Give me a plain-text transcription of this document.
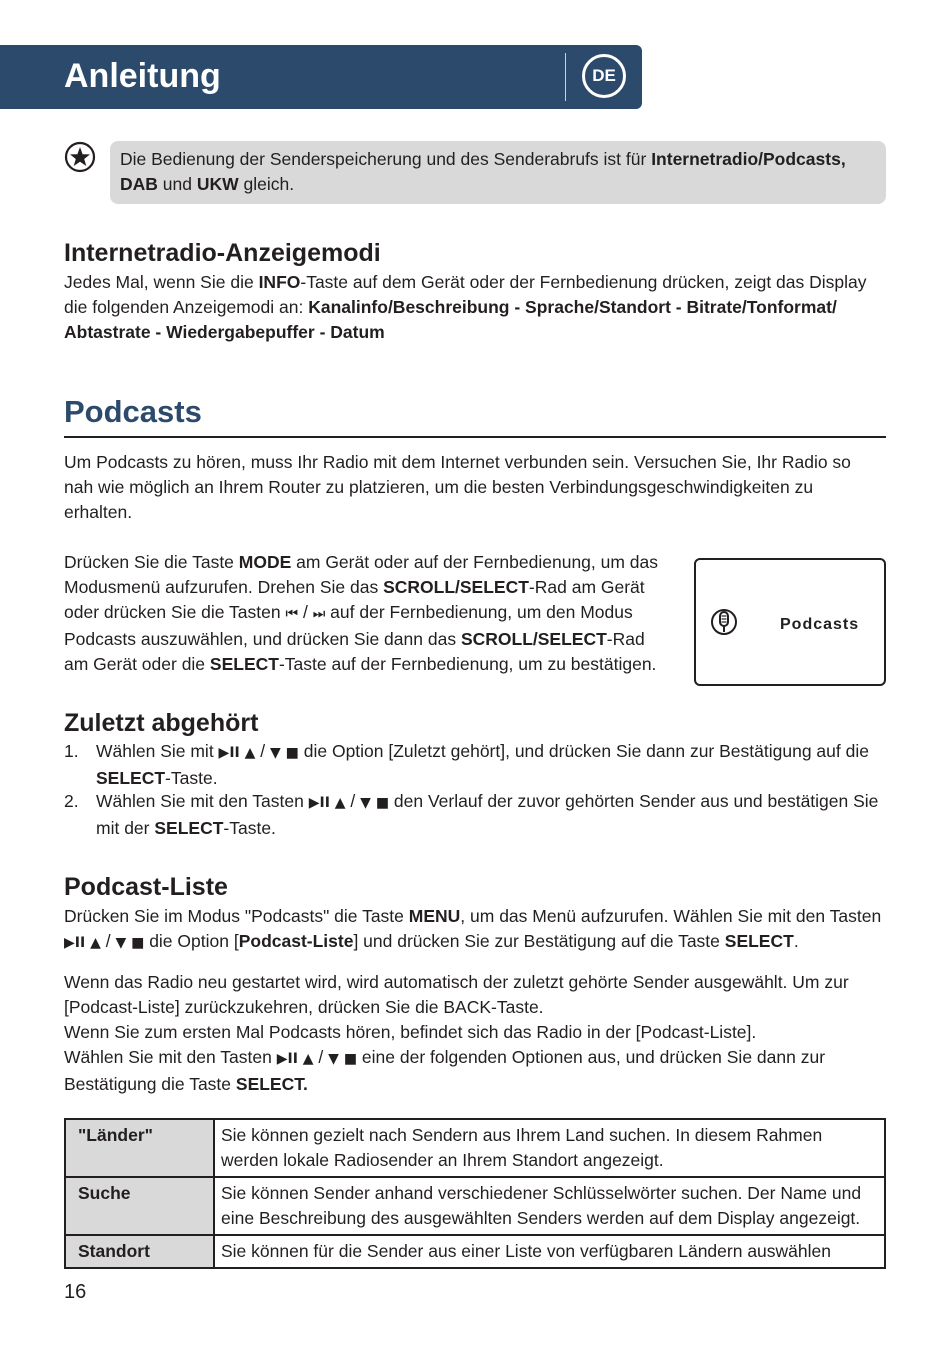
Anleitung	DE
Die Bedienung der Senderspeicherung und des Senderabrufs ist für Internetradio/Podcasts,
DAB und UKW gleich.
Internetradio-Anzeigemodi
Jedes Mal, wenn Sie die INFO-Taste auf dem Gerät oder der Fernbedienung drücken, zeigt das Display
die folgenden Anzeigemodi an: Kanalinfo/Beschreibung - Sprache/Standort - Bitrate/Tonformat/
Abtastrate - Wiedergabepuffer - Datum
Podcasts
Um Podcasts zu hören, muss Ihr Radio mit dem Internet verbunden sein. Versuchen Sie, Ihr Radio so nah wie möglich an Ihrem Router zu platzieren, um die besten Verbindungsgeschwindigkeiten zu erhalten.
Drücken Sie die Taste MODE am Gerät oder auf der Fernbedienung, um das Modusmenü aufzurufen. Drehen Sie das SCROLL/SELECT-Rad am Gerät oder drücken Sie die Tasten ⏮ / ⏭ auf der Fernbedienung, um den Modus Podcasts auszuwählen, und drücken Sie dann das SCROLL/SELECT-Rad am Gerät oder die SELECT-Taste auf der Fernbedienung, um zu bestätigen.
Podcasts
Zuletzt abgehört
1. Wählen Sie mit ▶II ▲ / ▼ ■ die Option [Zuletzt gehört], und drücken Sie dann zur Bestätigung auf die SELECT-Taste.
2. Wählen Sie mit den Tasten ▶II ▲ / ▼ ■ den Verlauf der zuvor gehörten Sender aus und bestätigen Sie mit der SELECT-Taste.
Podcast-Liste
Drücken Sie im Modus "Podcasts" die Taste MENU, um das Menü aufzurufen. Wählen Sie mit den Tasten ▶II ▲ / ▼ ■ die Option [Podcast-Liste] und drücken Sie zur Bestätigung auf die Taste SELECT.
Wenn das Radio neu gestartet wird, wird automatisch der zuletzt gehörte Sender ausgewählt. Um zur [Podcast-Liste] zurückzukehren, drücken Sie die BACK-Taste.
Wenn Sie zum ersten Mal Podcasts hören, befindet sich das Radio in der [Podcast-Liste].
Wählen Sie mit den Tasten ▶II ▲ / ▼ ■ eine der folgenden Optionen aus, und drücken Sie dann zur Bestätigung die Taste SELECT.
"Länder"	Sie können gezielt nach Sendern aus Ihrem Land suchen. In diesem Rahmen werden lokale Radiosender an Ihrem Standort angezeigt.
Suche	Sie können Sender anhand verschiedener Schlüsselwörter suchen. Der Name und eine Beschreibung des ausgewählten Senders werden auf dem Display angezeigt.
Standort	Sie können für die Sender aus einer Liste von verfügbaren Ländern auswählen
16
